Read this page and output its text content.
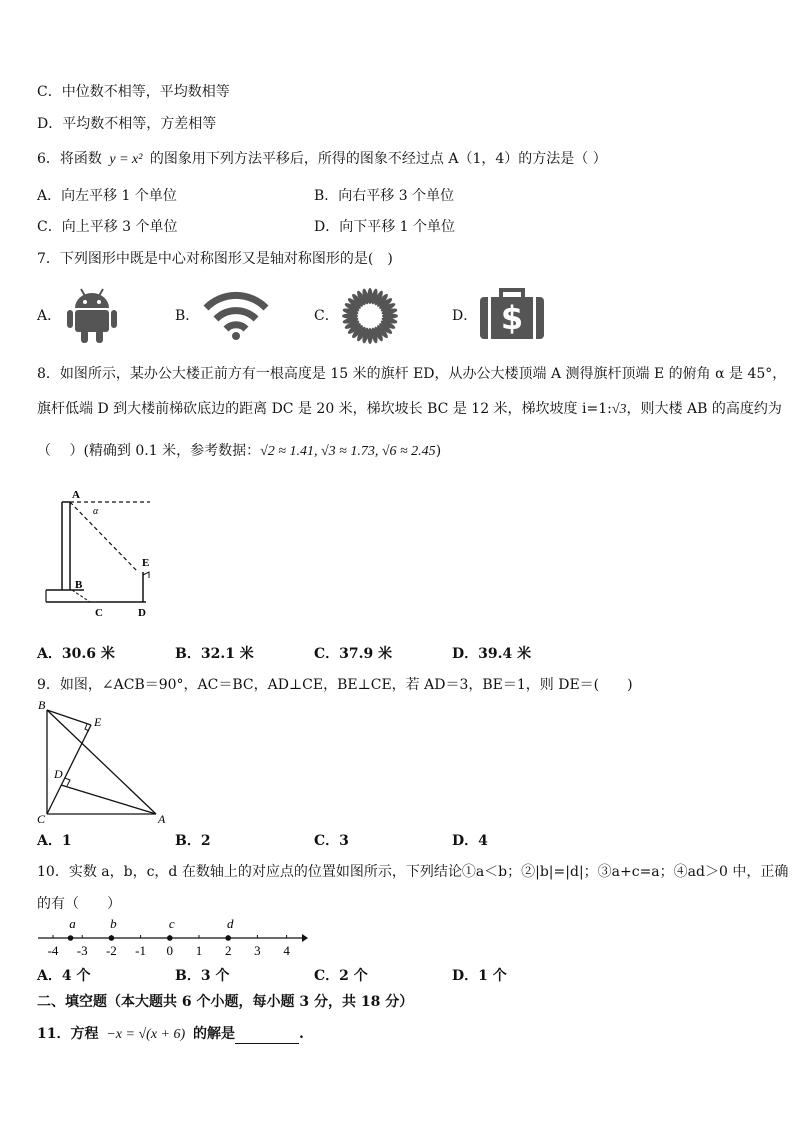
C．中位数不相等，平均数相等
D．平均数不相等，方差相等
6．将函数 y = x² 的图象用下列方法平移后，所得的图象不经过点 A（1，4）的方法是（ ）
A．向左平移 1 个单位	B．向右平移 3 个单位
C．向上平移 3 个单位	D．向下平移 1 个单位
7．下列图形中既是中心对称图形又是轴对称图形的是(　)
A．	B．	C．	D． $
8．如图所示，某办公大楼正前方有一根高度是 15 米的旗杆 ED，从办公大楼顶端 A 测得旗杆顶端 E 的俯角 α 是 45°，
旗杆低端 D 到大楼前梯砍底边的距离 DC 是 20 米，梯坎坡长 BC 是 12 米，梯坎坡度 i=1:√3，则大楼 AB 的高度约为
（　 ）(精确到 0.1 米，参考数据：√2 ≈ 1.41, √3 ≈ 1.73, √6 ≈ 2.45)
A
α
E
B
C	D
A．30.6 米	B．32.1 米	C．37.9 米	D．39.4 米
9．如图，∠ACB＝90°，AC＝BC，AD⊥CE，BE⊥CE，若 AD＝3，BE＝1，则 DE＝(　　)
B
E
D
C	A
A．1	B．2	C．3	D．4
10．实数 a，b，c，d 在数轴上的对应点的位置如图所示，下列结论①a＜b；②|b|=|d|；③a+c=a；④ad＞0 中，正确
的有（　　）
-4 -3 -2 -1 0 1 2 3 4
a	b	c	d
A．4 个	B．3 个	C．2 个	D．1 个
二、填空题（本大题共 6 个小题，每小题 3 分，共 18 分）
11．方程 −x = √(x + 6) 的解是	.
